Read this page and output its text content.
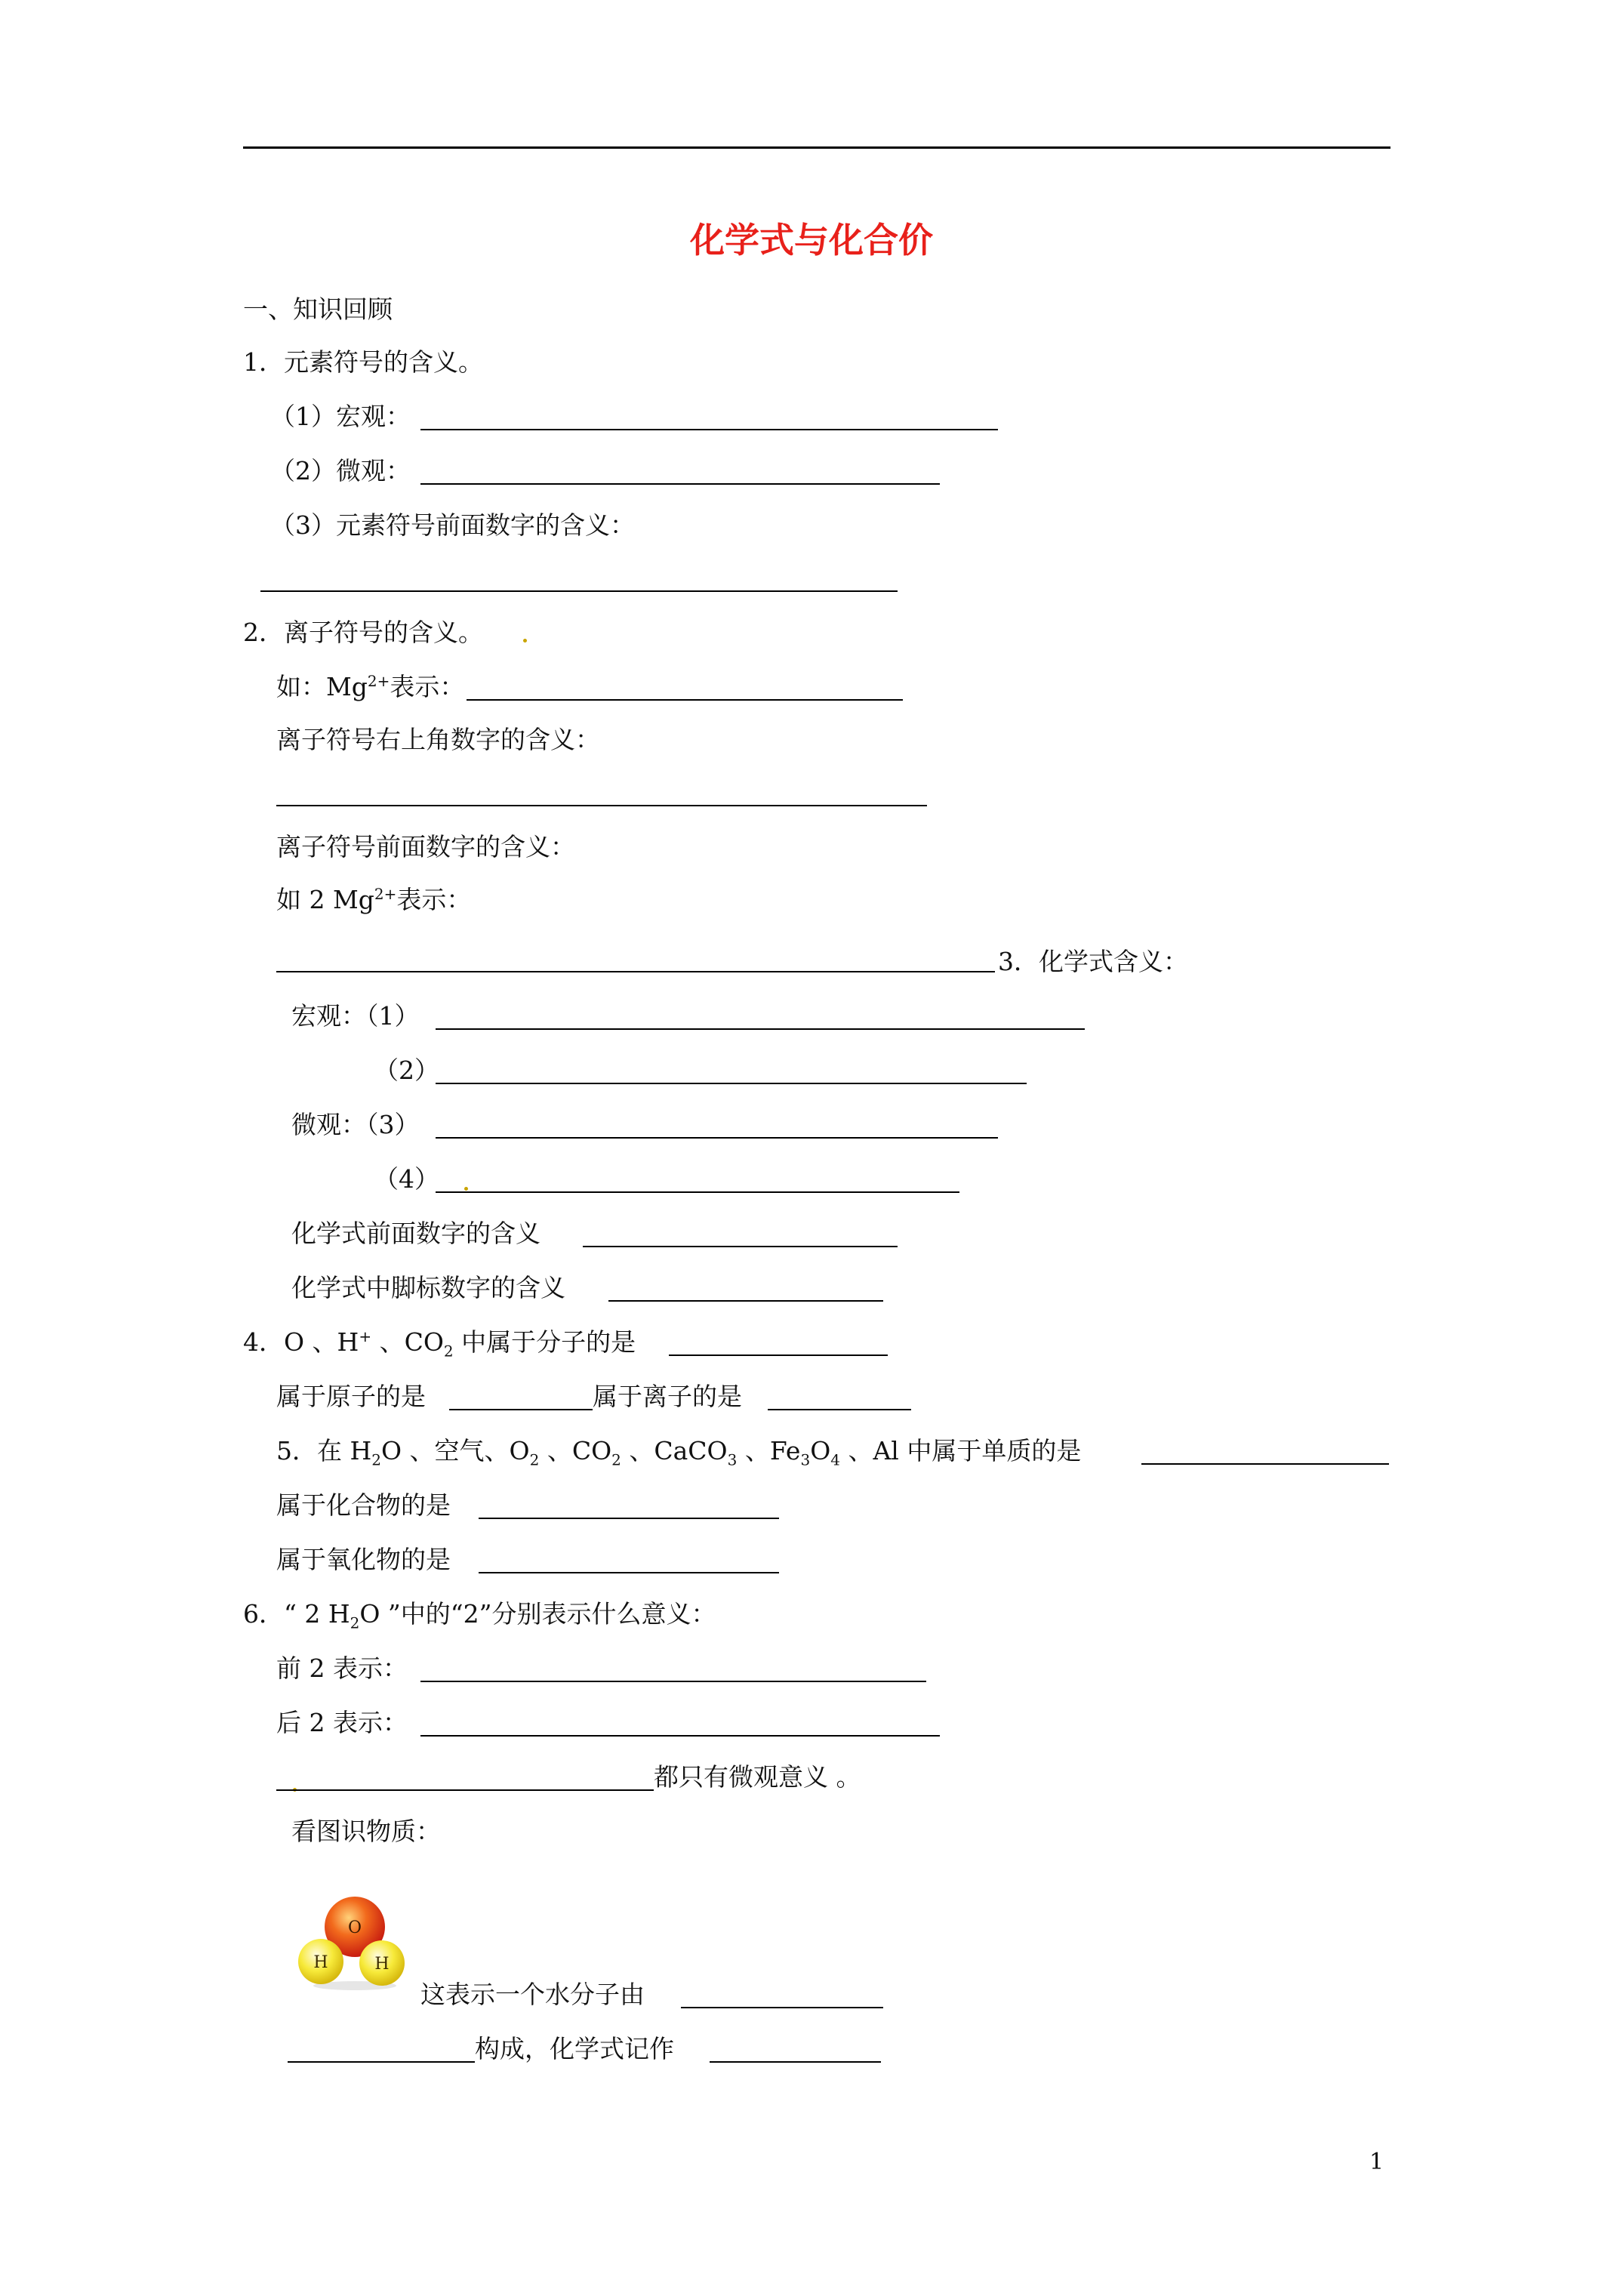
化学式与化合价
一、知识回顾
1．元素符号的含义。
（1）宏观：
（2）微观：
（3）元素符号前面数字的含义：
2．离子符号的含义。
如：$Mg^{2+}$表示：
离子符号右上角数字的含义：
离子符号前面数字的含义：
如 2 $Mg^{2+}$表示：
3．化学式含义：
宏观：（1）
（2）
微观：（3）
（4）
化学式前面数字的含义
化学式中脚标数字的含义
4．O 、H+ 、$CO_2$ 中属于分子的是
属于原子的是	属于离子的是
5．在 $H_2O$ 、空气、$O_2$ 、$CO_2$ 、CaCO$_3$ 、$Fe_3O_4$ 、Al 中属于单质的是
属于化合物的是
属于氧化物的是
6．“ 2 $H_2O$ ”中的“2”分别表示什么意义：
前 2 表示：
后 2 表示：
都只有微观意义 。
看图识物质：
O
H	H
这表示一个水分子由
构成，化学式记作
1
